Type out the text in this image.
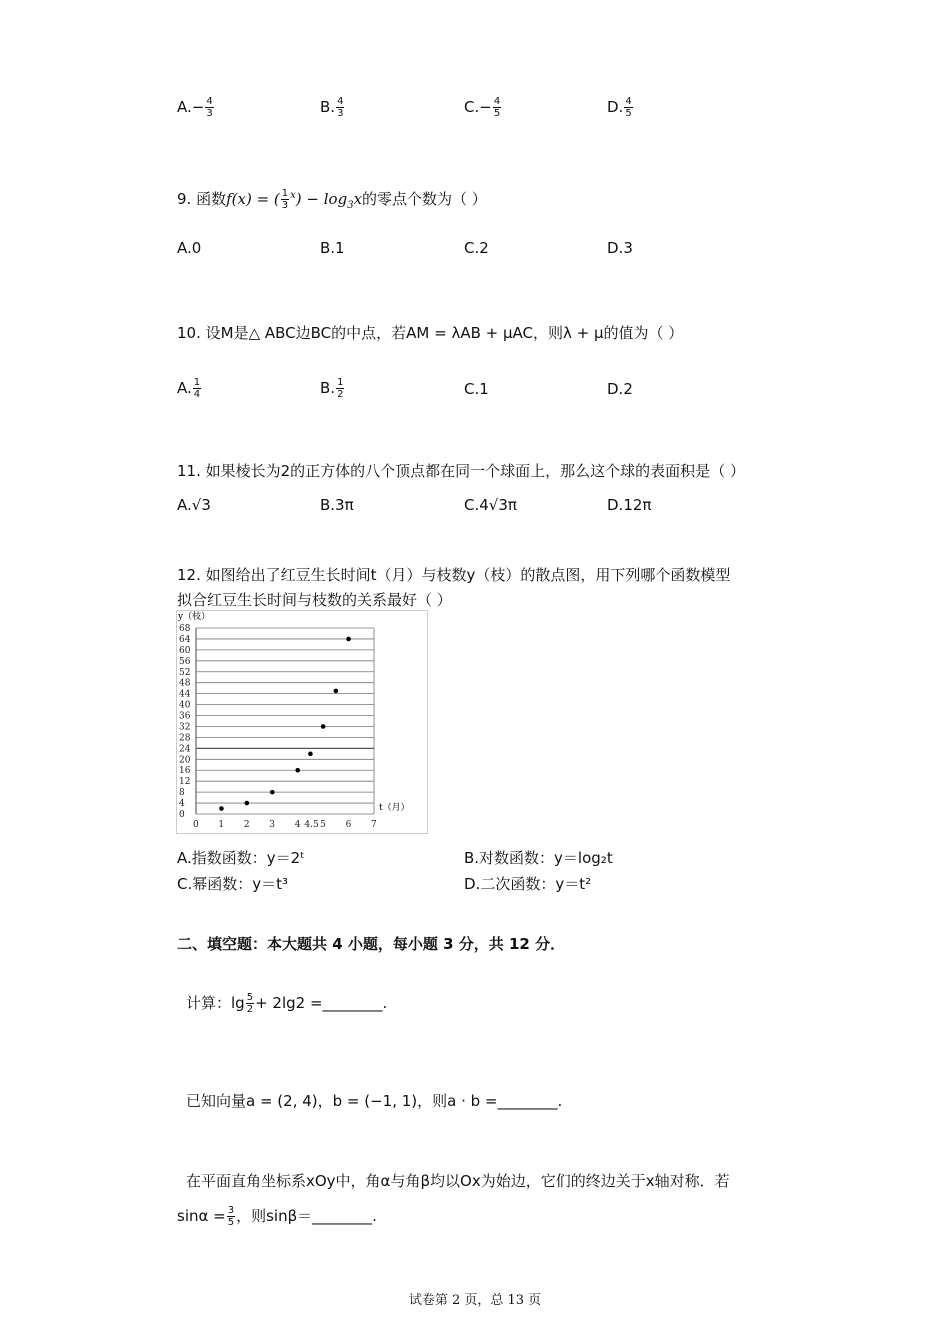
$A.- \frac{4}{3}$	B. $\frac{4}{3}$	$C.- \frac{4}{5}$	D. $\frac{4}{5}$
9. 函数f(x) = ( $\frac{1}{3} ^x) - \log_3x$的零点个数为（ ）
A.0	B.1	C.2	D.3
10. 设M是△ ABC边BC的中点，若AM = λAB + μAC，则λ + μ的值为（ ）
A. $\frac{1}{4}$	B. $\frac{1}{2}$	C.1	D.2
11. 如果棱长为2的正方体的八个顶点都在同一个球面上，那么这个球的表面积是（ ）
A.√3	B.3π	C.4√3π	D.12π
12. 如图给出了红豆生长时间t（月）与枝数y（枝）的散点图，用下列哪个函数模型
拟合红豆生长时间与枝数的关系最好（ ）
0
4
8
12
16
20
24
28
32
36
40
44
48
52
56
60
64
68
0 1 2 3 4 4.5 5 6 7
y（枝）
t（月）
A.指数函数：y＝2ᵗ	B.对数函数：y＝log₂t
C.幂函数：y＝t³	D.二次函数：y＝t²
二、填空题：本大题共 4 小题，每小题 3 分，共 12 分．
计算：$\lg \frac{5}{2} + 2\lg 2$ =________.
已知向量a = (2, 4)，b = (−1, 1)，则a · b =________.
在平面直角坐标系xOy中，角α与角β均以Ox为始边，它们的终边关于x轴对称．若
$\sin\alpha = \frac{3}{5}$ ，则sinβ＝________.
试卷第 2 页，总 13 页
